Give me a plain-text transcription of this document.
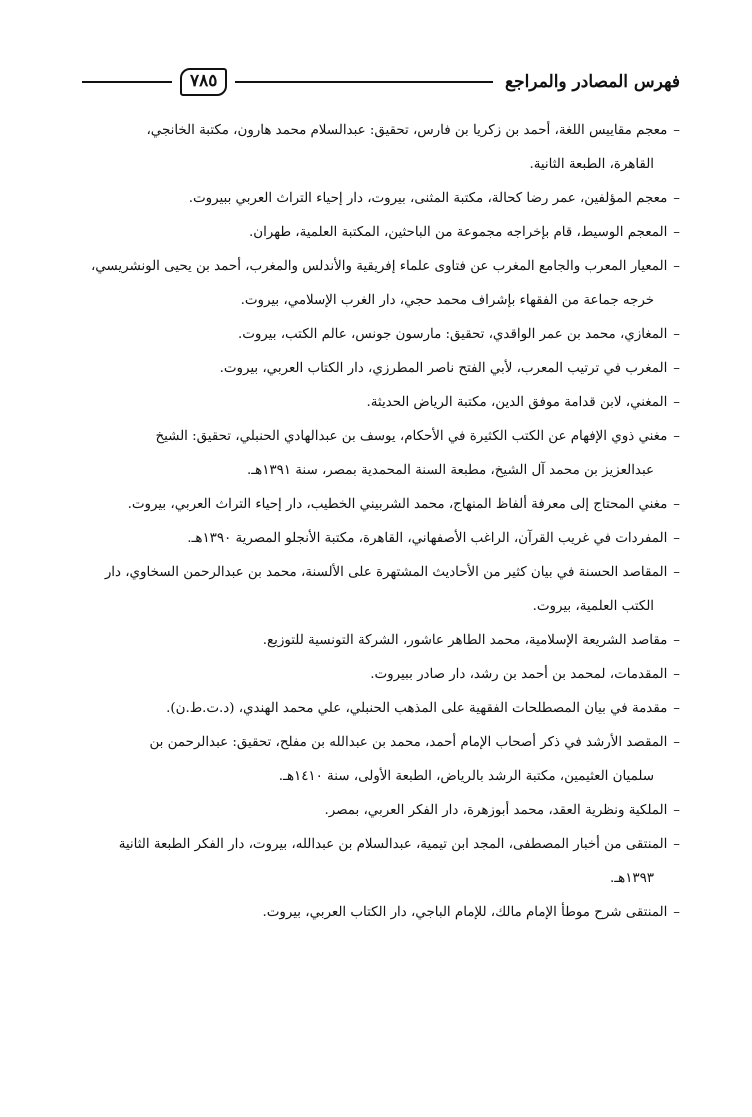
فهرس المصادر والمراجع
٧٨٥
–معجم مقاييس اللغة، أحمد بن زكريا بن فارس، تحقيق: عبدالسلام محمد هارون، مكتبة الخانجي،
القاهرة، الطبعة الثانية.
–معجم المؤلفين، عمر رضا كحالة، مكتبة المثنى، بيروت، دار إحياء التراث العربي ببيروت.
–المعجم الوسيط، قام بإخراجه مجموعة من الباحثين، المكتبة العلمية، طهران.
–المعيار المعرب والجامع المغرب عن فتاوى علماء إفريقية والأندلس والمغرب، أحمد بن يحيى الونشريسي،
خرجه جماعة من الفقهاء بإشراف محمد حجي، دار الغرب الإسلامي، بيروت.
–المغازي، محمد بن عمر الواقدي، تحقيق: مارسون جونس، عالم الكتب، بيروت.
–المغرب في ترتيب المعرب، لأبي الفتح ناصر المطرزي، دار الكتاب العربي، بيروت.
–المغني، لابن قدامة موفق الدين، مكتبة الرياض الحديثة.
–مغني ذوي الإفهام عن الكتب الكثيرة في الأحكام، يوسف بن عبدالهادي الحنبلي، تحقيق: الشيخ
عبدالعزيز بن محمد آل الشيخ، مطبعة السنة المحمدية بمصر، سنة ١٣٩١هـ.
–مغني المحتاج إلى معرفة ألفاظ المنهاج، محمد الشربيني الخطيب، دار إحياء التراث العربي، بيروت.
–المفردات في غريب القرآن، الراغب الأصفهاني، القاهرة، مكتبة الأنجلو المصرية ١٣٩٠هـ.
–المقاصد الحسنة في بيان كثير من الأحاديث المشتهرة على الألسنة، محمد بن عبدالرحمن السخاوي، دار
الكتب العلمية، بيروت.
–مقاصد الشريعة الإسلامية، محمد الطاهر عاشور، الشركة التونسية للتوزيع.
–المقدمات، لمحمد بن أحمد بن رشد، دار صادر ببيروت.
–مقدمة في بيان المصطلحات الفقهية على المذهب الحنبلي، علي محمد الهندي، (د.ت.ط.ن).
–المقصد الأرشد في ذكر أصحاب الإمام أحمد، محمد بن عبدالله بن مفلح، تحقيق: عبدالرحمن بن
سلميان العثيمين، مكتبة الرشد بالرياض، الطبعة الأولى، سنة ١٤١٠هـ.
–الملكية ونظرية العقد، محمد أبوزهرة، دار الفكر العربي، بمصر.
–المنتقى من أخبار المصطفى، المجد ابن تيمية، عبدالسلام بن عبدالله، بيروت، دار الفكر الطبعة الثانية
١٣٩٣هـ.
–المنتقى شرح موطأ الإمام مالك، للإمام الباجي، دار الكتاب العربي، بيروت.
